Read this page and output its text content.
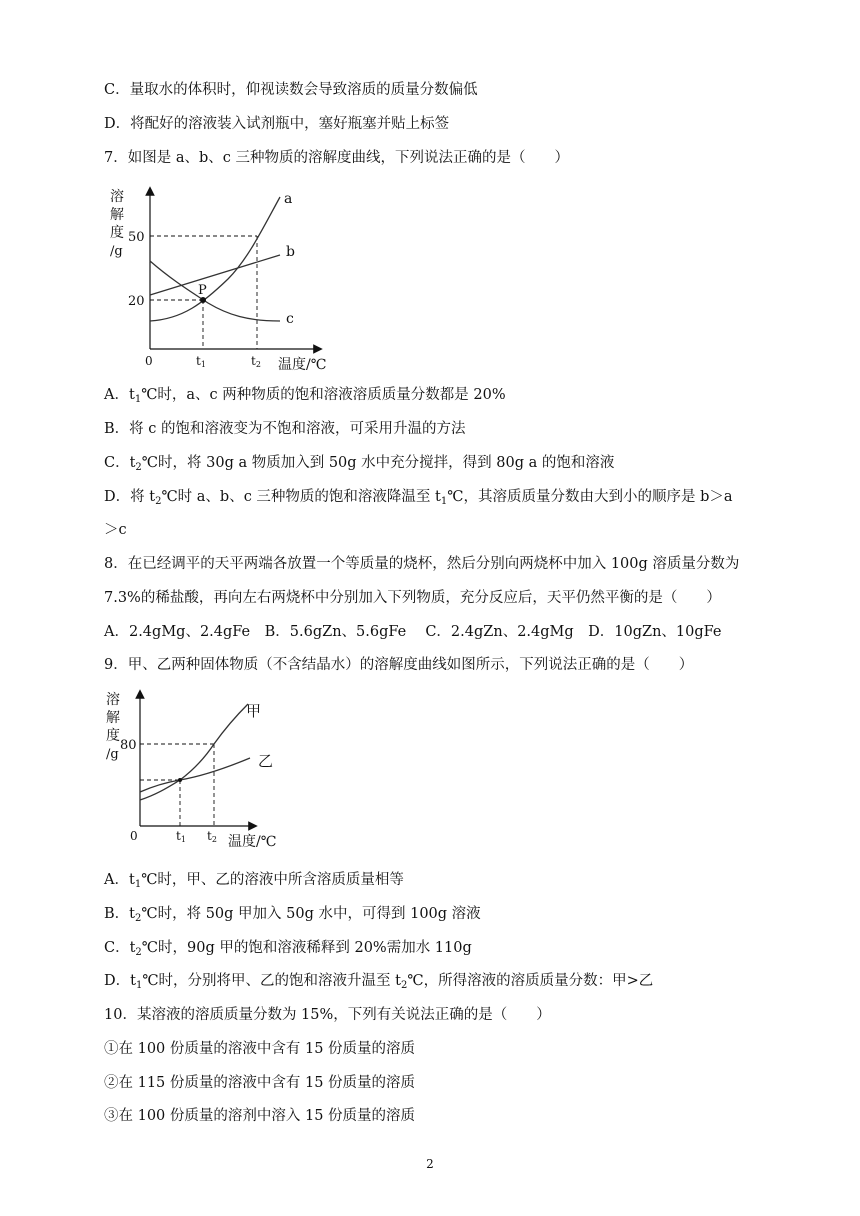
C．量取水的体积时，仰视读数会导致溶质的质量分数偏低
D．将配好的溶液装入试剂瓶中，塞好瓶塞并贴上标签
7．如图是 a、b、c 三种物质的溶解度曲线，下列说法正确的是（　　）
溶
解
度
/g
50
20
0	t1	t2 温度/℃
P
a
b
c
A．$t_1℃$时，a、c 两种物质的饱和溶液溶质质量分数都是 20%
B．将 c 的饱和溶液变为不饱和溶液，可采用升温的方法
C．$t_2℃$时，将 30g a 物质加入到 50g 水中充分搅拌，得到 80g a 的饱和溶液
D．将 $t_2℃$时 a、b、c 三种物质的饱和溶液降温至 $t_1℃$，其溶质质量分数由大到小的顺序是 b＞a
＞c
8．在已经调平的天平两端各放置一个等质量的烧杯，然后分别向两烧杯中加入 100g 溶质量分数为
7.3%的稀盐酸，再向左右两烧杯中分别加入下列物质，充分反应后，天平仍然平衡的是（　　）
A．2.4gMg、2.4gFe　B．5.6gZn、5.6gFe　 C．2.4gZn、2.4gMg　D．10gZn、10gFe
9．甲、乙两种固体物质（不含结晶水）的溶解度曲线如图所示，下列说法正确的是（　　）
溶
解
度
/g
80
0	t1 t2 温度/℃
甲
乙
A．$t_1℃$时，甲、乙的溶液中所含溶质质量相等
B．$t_2℃$时，将 50g 甲加入 50g 水中，可得到 100g 溶液
C．$t_2℃$时，90g 甲的饱和溶液稀释到 20%需加水 110g
D．$t_1℃$时，分别将甲、乙的饱和溶液升温至 $t_2℃$，所得溶液的溶质质量分数：甲>乙
10．某溶液的溶质质量分数为 15%，下列有关说法正确的是（　　）
①在 100 份质量的溶液中含有 15 份质量的溶质
②在 115 份质量的溶液中含有 15 份质量的溶质
③在 100 份质量的溶剂中溶入 15 份质量的溶质
2
